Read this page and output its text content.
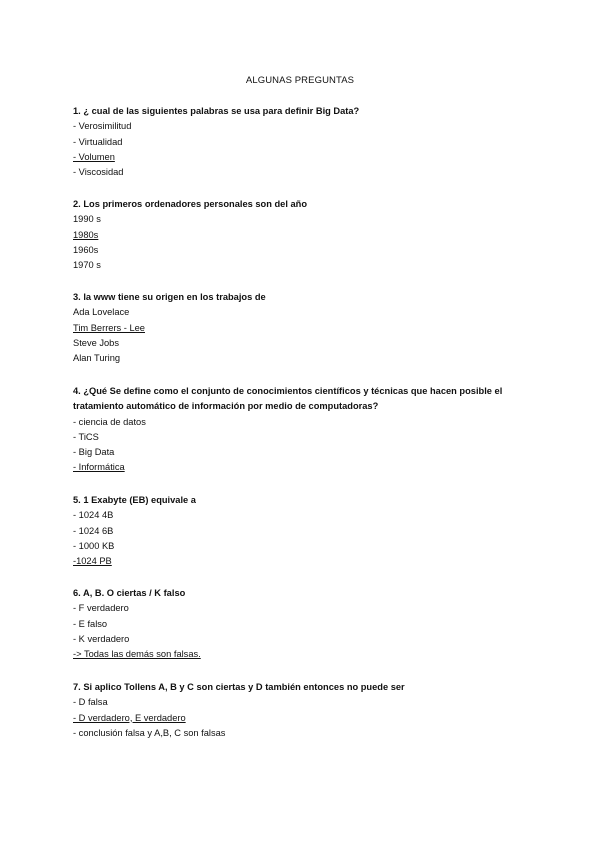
ALGUNAS PREGUNTAS
1. ¿ cual de las siguientes palabras se usa para definir Big Data?
- Verosimilitud
- Virtualidad
- Volumen
- Viscosidad
2. Los primeros ordenadores personales son del año
1990 s
1980s
1960s
1970 s
3. la www tiene su origen en los trabajos de
Ada Lovelace
Tim Berrers - Lee
Steve Jobs
Alan Turing
4. ¿Qué Se define como el conjunto de conocimientos científicos y técnicas que hacen posible el tratamiento automático de información por medio de computadoras?
- ciencia de datos
- TiCS
- Big Data
- Informática
5. 1 Exabyte (EB) equivale a
- 1024 4B
- 1024 6B
- 1000 KB
-1024 PB
6. A, B. O ciertas / K falso
- F verdadero
- E falso
- K verdadero
-> Todas las demás son falsas.
7. Si aplico Tollens A, B y C son ciertas y D también entonces no puede ser
- D falsa
- D verdadero, E verdadero
- conclusión falsa y A,B, C son falsas
